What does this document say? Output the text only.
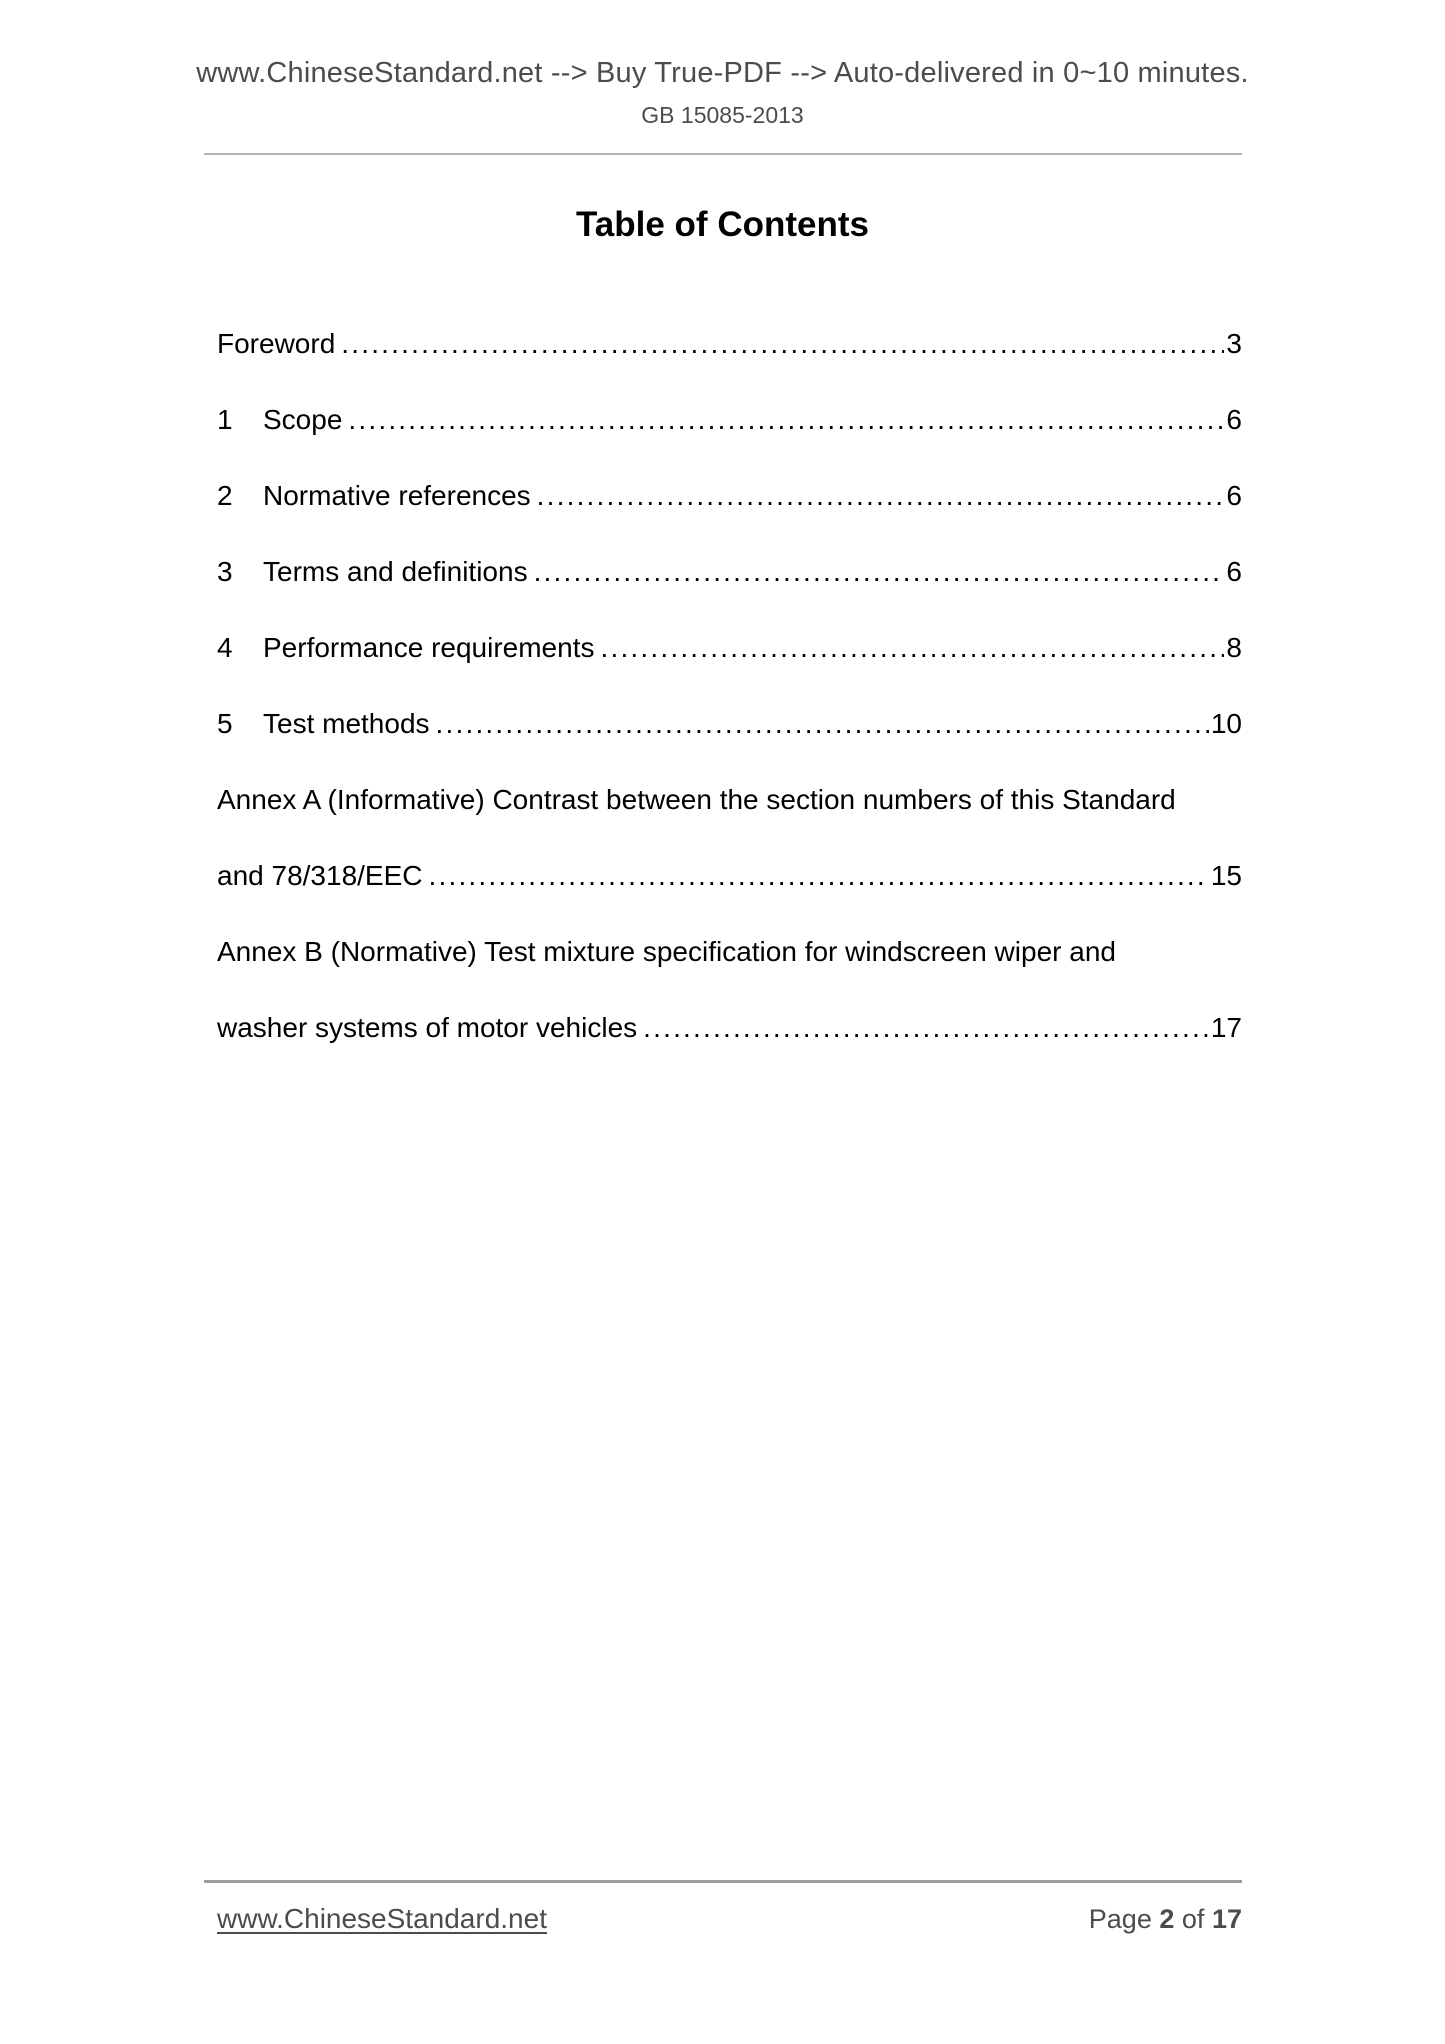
www.ChineseStandard.net --> Buy True-PDF --> Auto-delivered in 0~10 minutes.
GB 15085-2013
Table of Contents
Foreword .....	3
1	Scope .....	6
2	Normative references .....	6
3	Terms and definitions .....	6
4	Performance requirements .....	8
5	Test methods .....	10
Annex A (Informative) Contrast between the section numbers of this Standard
and 78/318/EEC .....	15
Annex B (Normative) Test mixture specification for windscreen wiper and
washer systems of motor vehicles .....	17
www.ChineseStandard.net	Page 2 of 17
